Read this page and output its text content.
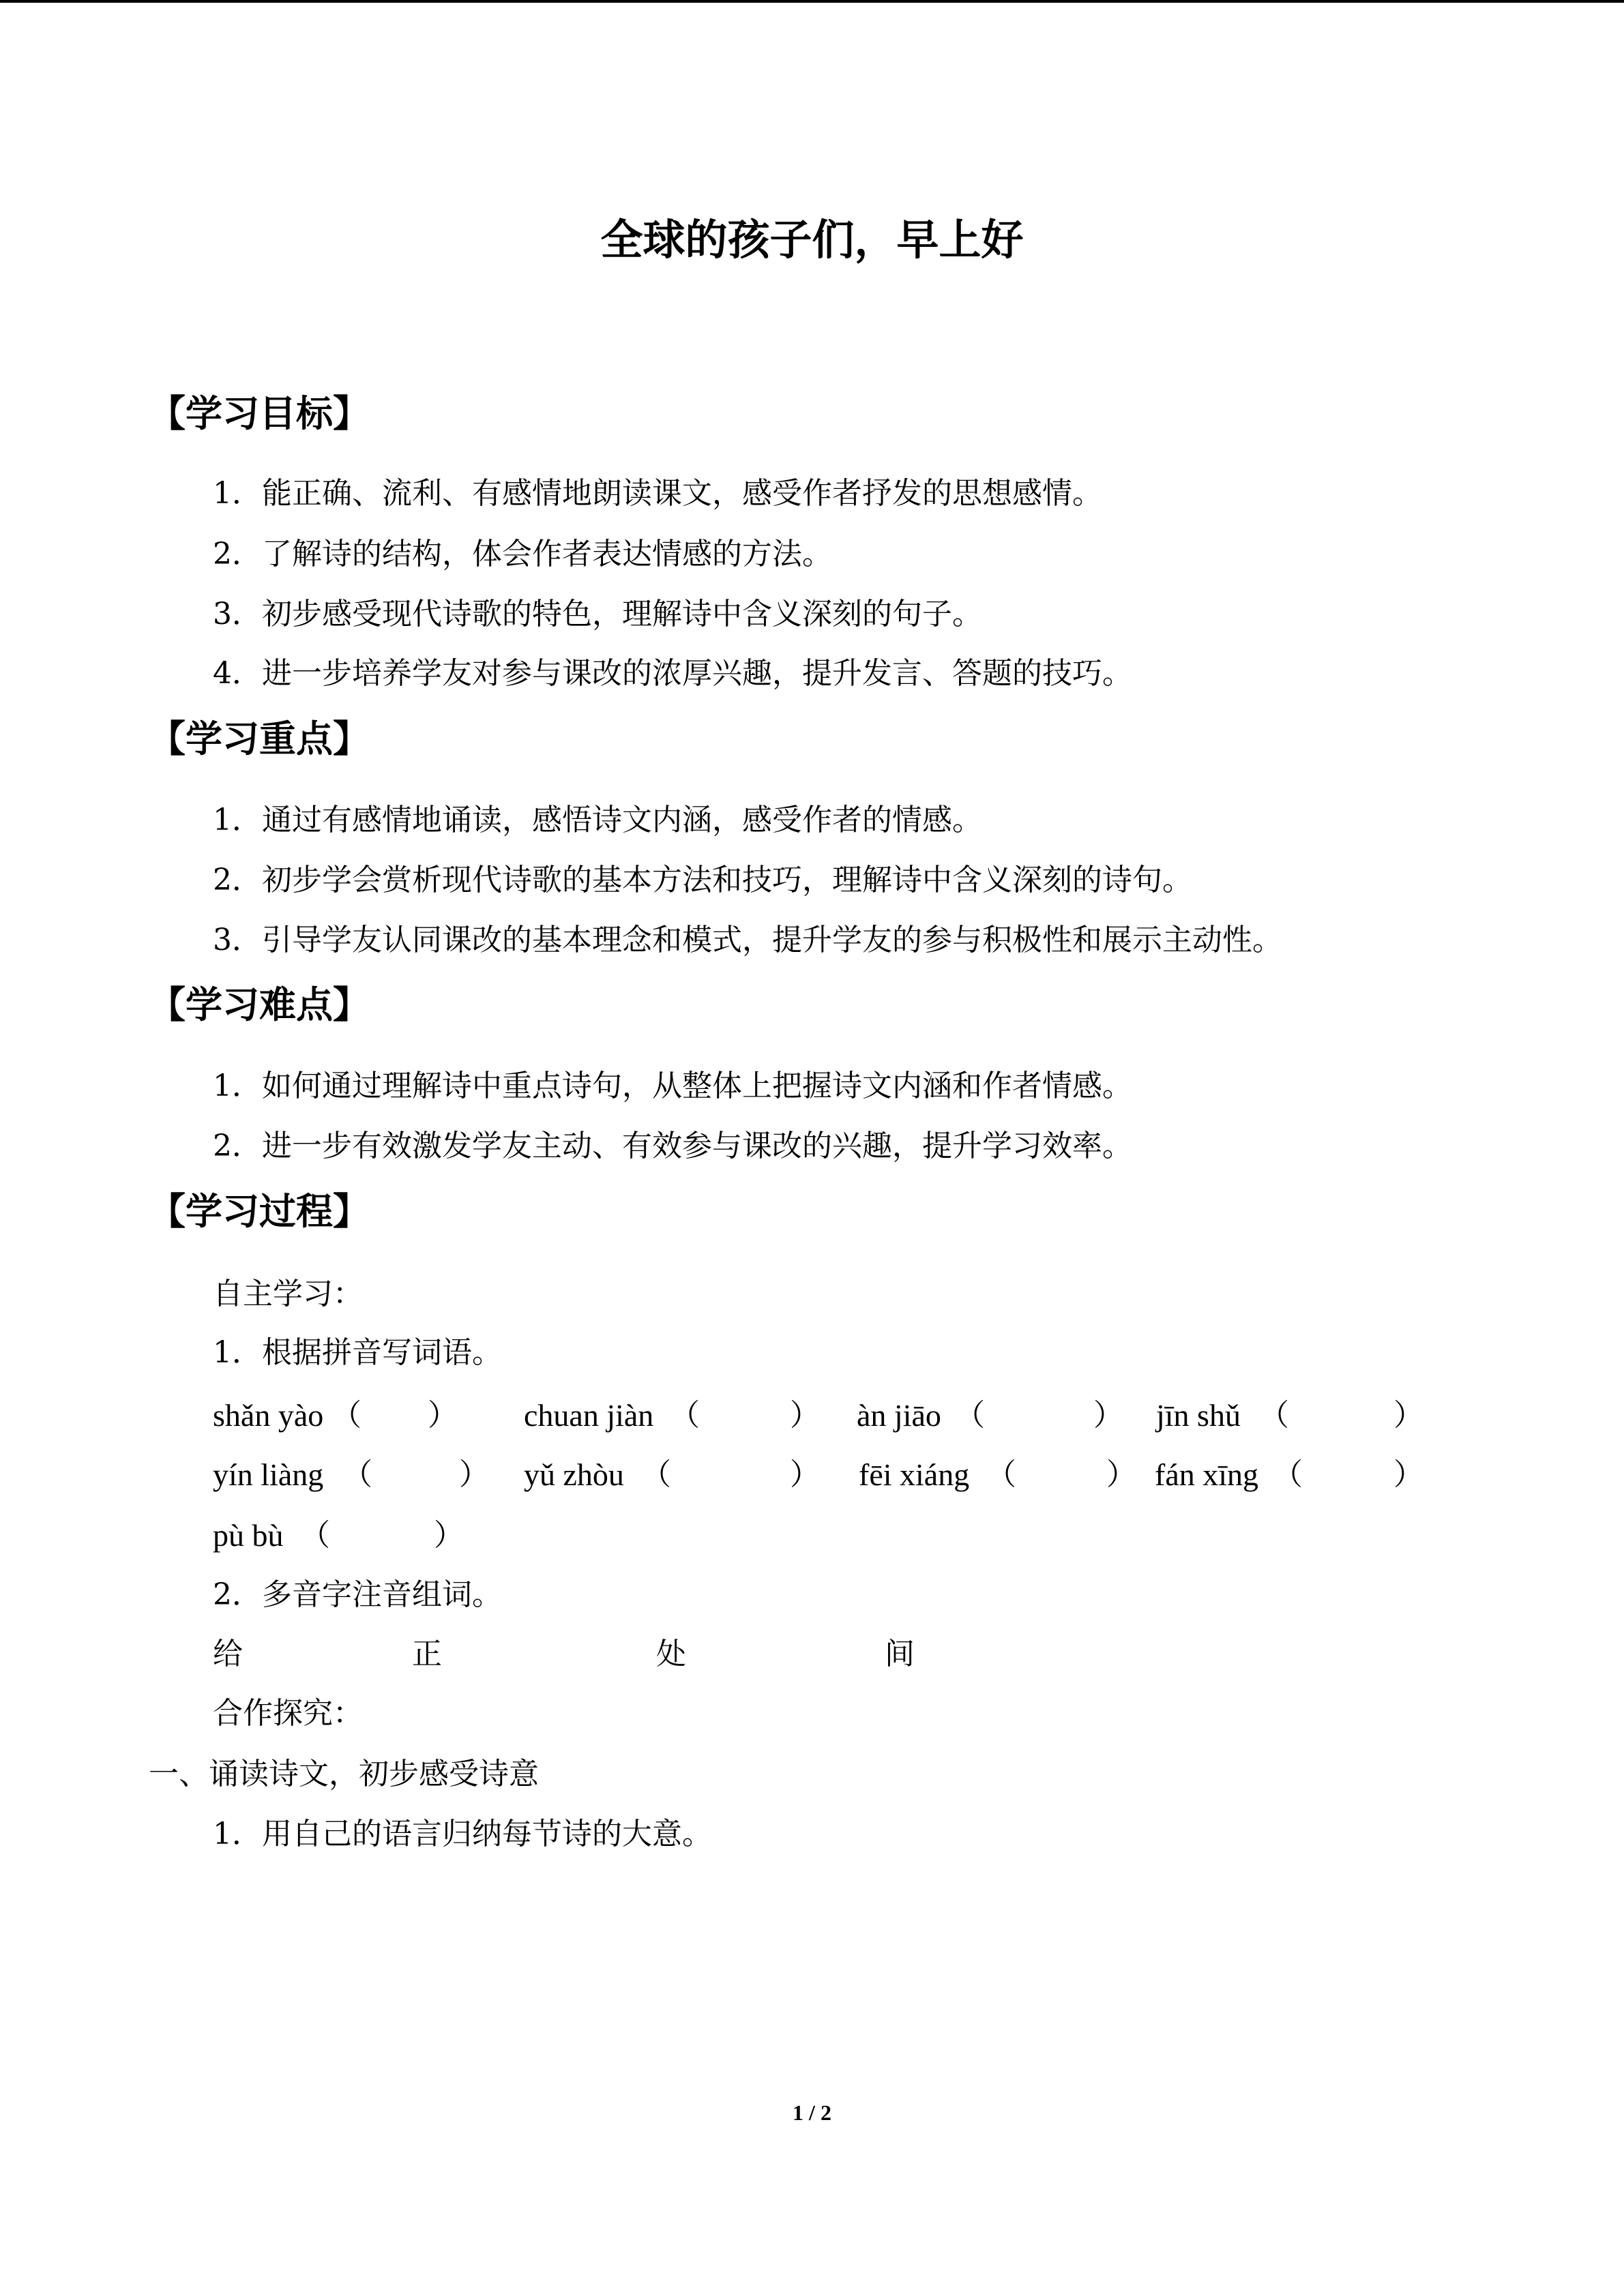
全球的孩子们，早上好
【学习目标】
1．能正确、流利、有感情地朗读课文，感受作者抒发的思想感情。
2．了解诗的结构，体会作者表达情感的方法。
3．初步感受现代诗歌的特色，理解诗中含义深刻的句子。
4．进一步培养学友对参与课改的浓厚兴趣，提升发言、答题的技巧。
【学习重点】
1．通过有感情地诵读，感悟诗文内涵，感受作者的情感。
2．初步学会赏析现代诗歌的基本方法和技巧，理解诗中含义深刻的诗句。
3．引导学友认同课改的基本理念和模式，提升学友的参与积极性和展示主动性。
【学习难点】
1．如何通过理解诗中重点诗句，从整体上把握诗文内涵和作者情感。
2．进一步有效激发学友主动、有效参与课改的兴趣，提升学习效率。
【学习过程】
自主学习：
1．根据拼音写词语。
shǎn yào （ ） chuan jiàn （	） àn jiāo （	） jīn shǔ （	）
yín liàng （	） yǔ zhòu （	） fēi xiáng （	） fán xīng （	）
pù bù （	）
2．多音字注音组词。
给	正	处	间
合作探究：
一、诵读诗文，初步感受诗意
1．用自己的语言归纳每节诗的大意。
1 / 2
